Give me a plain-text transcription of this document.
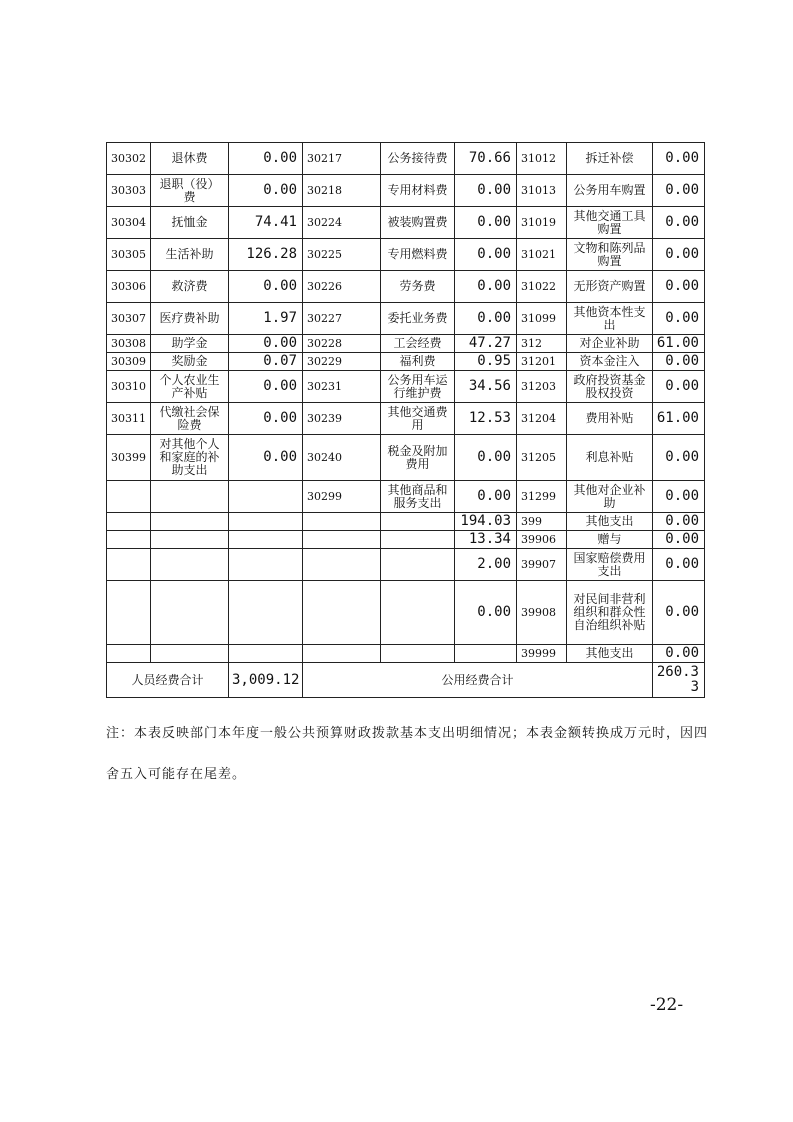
30302	退休费	0.00	30217	公务接待费	70.66	31012	拆迁补偿	0.00
30303	退职（役）费	0.00	30218	专用材料费	0.00	31013	公务用车购置	0.00
30304	抚恤金	74.41	30224	被装购置费	0.00	31019	其他交通工具购置	0.00
30305	生活补助	126.28	30225	专用燃料费	0.00	31021	文物和陈列品购置	0.00
30306	救济费	0.00	30226	劳务费	0.00	31022	无形资产购置	0.00
30307	医疗费补助	1.97	30227	委托业务费	0.00	31099	其他资本性支出	0.00
30308	助学金	0.00	30228	工会经费	47.27	312	对企业补助	61.00
30309	奖励金	0.07	30229	福利费	0.95	31201	资本金注入	0.00
30310	个人农业生产补贴	0.00	30231	公务用车运行维护费	34.56	31203	政府投资基金股权投资	0.00
30311	代缴社会保险费	0.00	30239	其他交通费用	12.53	31204	费用补贴	61.00
30399	对其他个人和家庭的补助支出	0.00	30240	税金及附加费用	0.00	31205	利息补贴	0.00
			30299	其他商品和服务支出	0.00	31299	其他对企业补助	0.00
					194.03	399	其他支出	0.00
					13.34	39906	赠与	0.00
					2.00	39907	国家赔偿费用支出	0.00
					0.00	39908	对民间非营利组织和群众性自治组织补贴	0.00
						39999	其他支出	0.00
人员经费合计		3,009.12	公用经费合计					260.33
注：本表反映部门本年度一般公共预算财政拨款基本支出明细情况；本表金额转换成万元时，因四
舍五入可能存在尾差。
-22-
